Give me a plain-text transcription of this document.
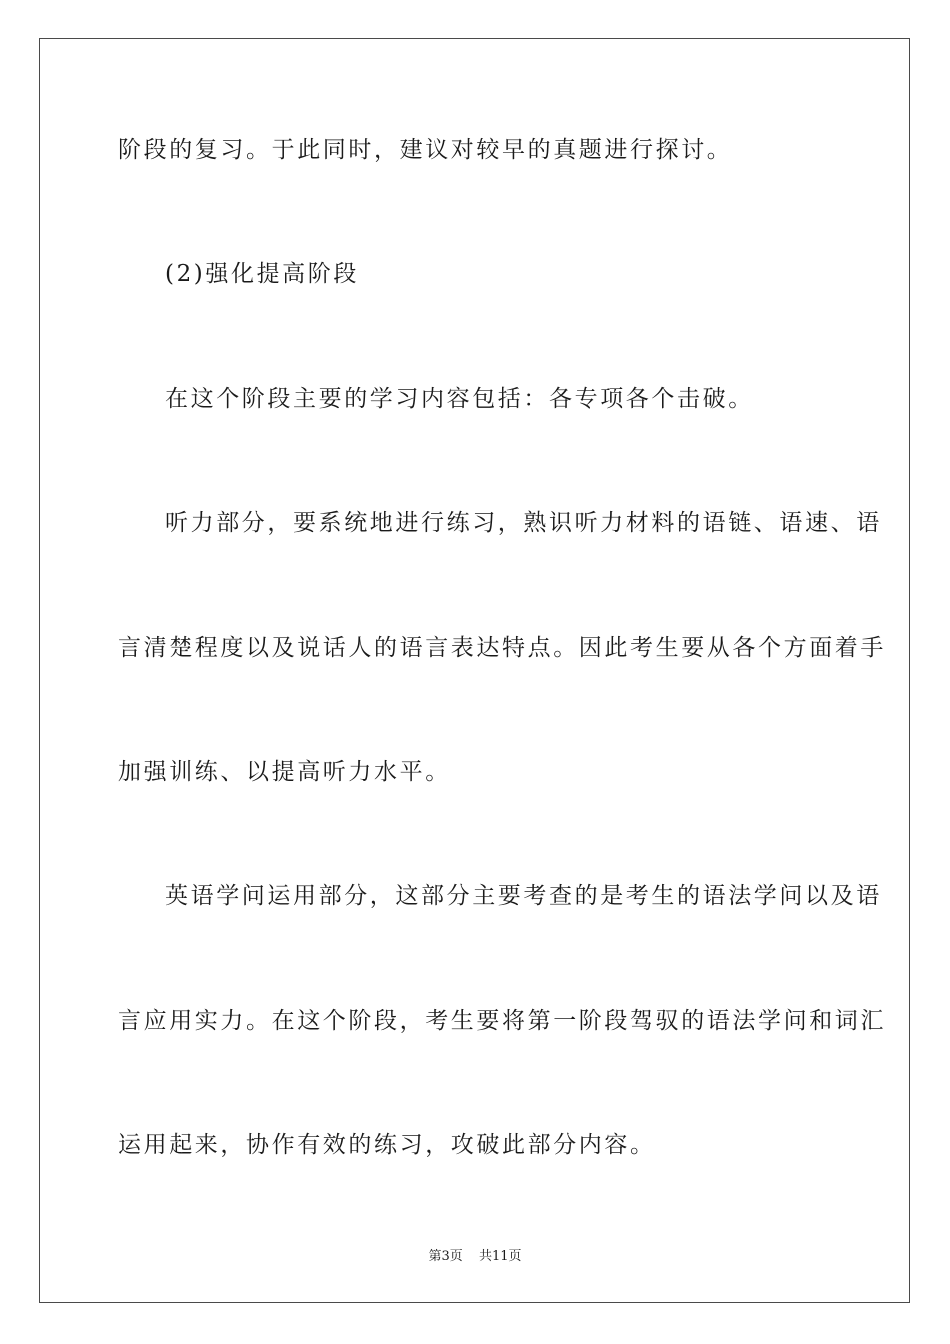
阶段的复习。于此同时，建议对较早的真题进行探讨。
(2)强化提高阶段
在这个阶段主要的学习内容包括：各专项各个击破。
听力部分，要系统地进行练习，熟识听力材料的语链、语速、语
言清楚程度以及说话人的语言表达特点。因此考生要从各个方面着手
加强训练、以提高听力水平。
英语学问运用部分，这部分主要考查的是考生的语法学问以及语
言应用实力。在这个阶段，考生要将第一阶段驾驭的语法学问和词汇
运用起来，协作有效的练习，攻破此部分内容。
第3页 共11页
